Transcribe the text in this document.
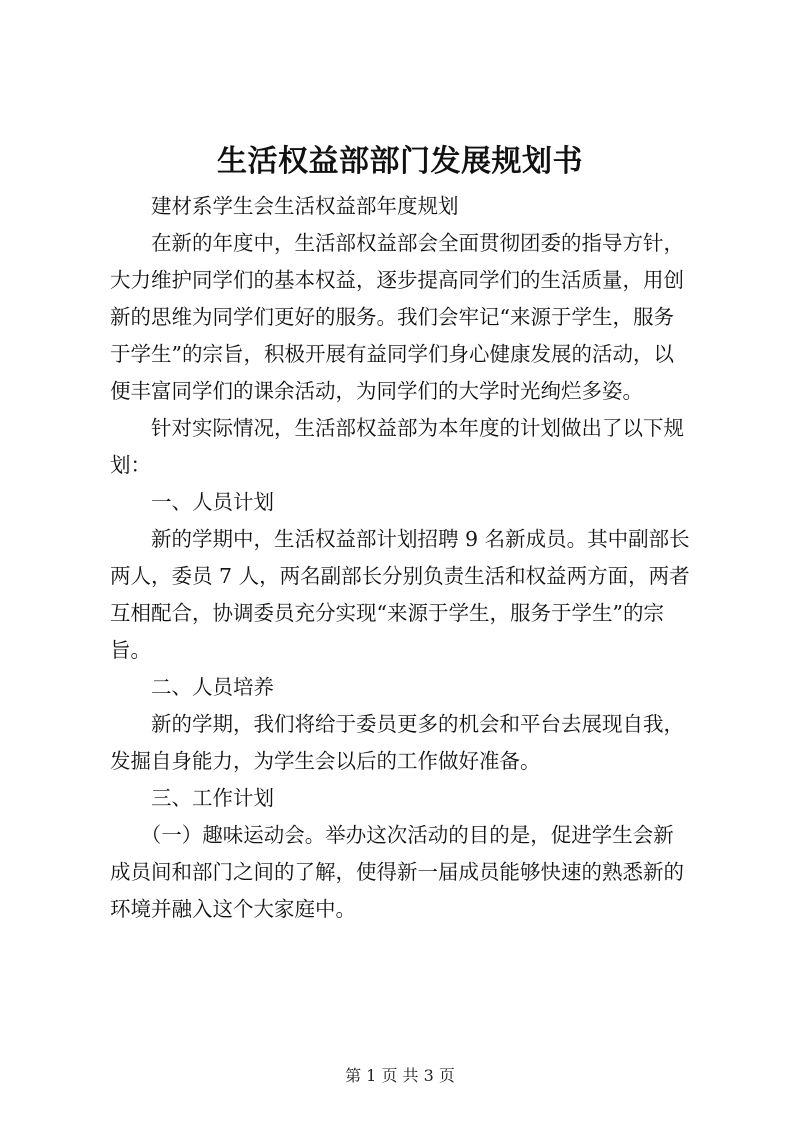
生活权益部部门发展规划书
　　建材系学生会生活权益部年度规划
　　在新的年度中，生活部权益部会全面贯彻团委的指导方针，
大力维护同学们的基本权益，逐步提高同学们的生活质量，用创
新的思维为同学们更好的服务。我们会牢记“来源于学生，服务
于学生”的宗旨，积极开展有益同学们身心健康发展的活动，以
便丰富同学们的课余活动，为同学们的大学时光绚烂多姿。
　　针对实际情况，生活部权益部为本年度的计划做出了以下规
划：
　　一、人员计划
　　新的学期中，生活权益部计划招聘 9 名新成员。其中副部长
两人，委员 7 人，两名副部长分别负责生活和权益两方面，两者
互相配合，协调委员充分实现“来源于学生，服务于学生”的宗
旨。
　　二、人员培养
　　新的学期，我们将给于委员更多的机会和平台去展现自我，
发掘自身能力，为学生会以后的工作做好准备。
　　三、工作计划
　　（一）趣味运动会。举办这次活动的目的是，促进学生会新
成员间和部门之间的了解，使得新一届成员能够快速的熟悉新的
环境并融入这个大家庭中。
第 1 页 共 3 页
